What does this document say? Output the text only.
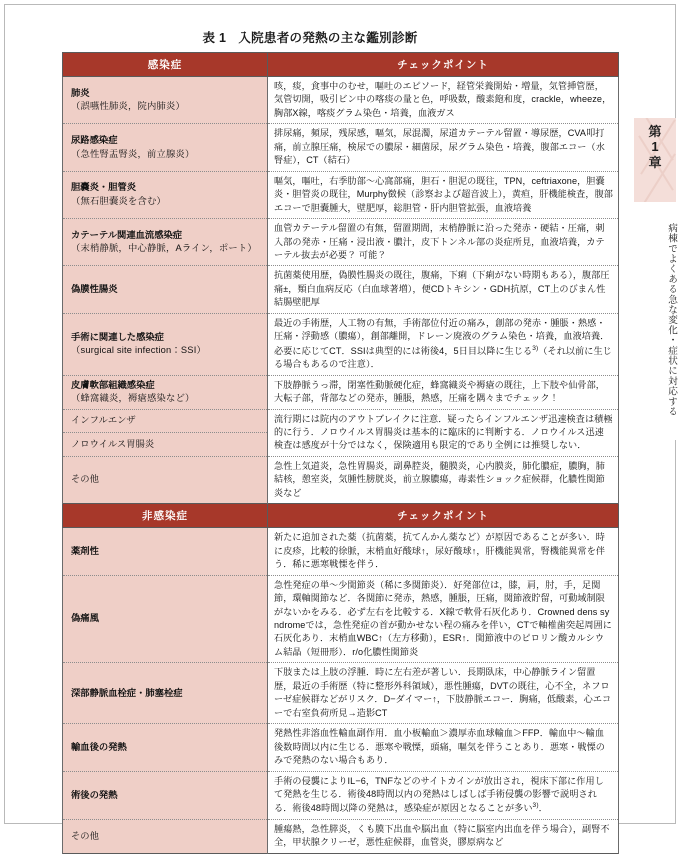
表 1 入院患者の発熱の主な鑑別診断
感染症	チェックポイント

肺炎
（誤嚥性肺炎，院内肺炎）	咳，痰，食事中のむせ，嘔吐のエピソード，経管栄養開始・増量，気管挿管歴，気管切開，吸引ビン中の喀痰の量と色，呼吸数，酸素飽和度，crackle，wheeze，胸部X線，喀痰グラム染色・培養，血液ガス

尿路感染症
（急性腎盂腎炎，前立腺炎）	排尿痛，頻尿，残尿感，嘔気，尿混濁，尿道カテーテル留置・導尿歴，CVA叩打痛，前立腺圧痛，検尿での膿尿・細菌尿，尿グラム染色・培養，腹部エコー（水腎症），CT（結石）

胆嚢炎・胆管炎
（無石胆嚢炎を含む）	嘔気，嘔吐，右季肋部〜心窩部痛，胆石・胆泥の既往，TPN，ceftriaxone，胆嚢炎・胆管炎の既往，Murphy徴候（診察および超音波上），黄疸，肝機能検査，腹部エコーで胆嚢腫大，壁肥厚，総胆管・肝内胆管拡張，血液培養

カテーテル関連血流感染症
（末梢静脈，中心静脈，Aライン，ポート）	血管カテーテル留置の有無，留置期間，末梢静脈に沿った発赤・硬結・圧痛，刺入部の発赤・圧痛・浸出液・膿汁，皮下トンネル部の炎症所見，血液培養，カテーテル抜去が必要？ 可能？

偽膜性腸炎	抗菌薬使用歴，偽膜性腸炎の既往，腹痛，下痢（下痢がない時期もある），腹部圧痛±，類白血病反応（白血球著増），便CDトキシン・GDH抗原，CT上のびまん性結腸壁肥厚

手術に関連した感染症
（surgical site infection：SSI）	最近の手術歴，人工物の有無，手術部位付近の痛み，創部の発赤・腫脹・熱感・圧痛・浮動感（膿瘍），創部離開，ドレーン廃液のグラム染色・培養，血液培養．必要に応じてCT．SSIは典型的には術後4，5日目以降に生じる$^{3)}$（それ以前に生じる場合もあるので注意）．

皮膚軟部組織感染症
（蜂窩織炎，褥瘡感染など）	下肢静脈うっ滞，閉塞性動脈硬化症，蜂窩織炎や褥瘡の既往，上下肢や仙骨部，大転子部，背部などの発赤，腫脹，熱感，圧痛を隅々までチェック！

インフルエンザ	流行期には院内のアウトブレイクに注意．疑ったらインフルエンザ迅速検査は積極的に行う．ノロウイルス胃腸炎は基本的に臨床的に判断する．ノロウイルス迅速検査は感度が十分ではなく，保険適用も限定的であり全例には推奨しない．

ノロウイルス胃腸炎	

その他	急性上気道炎，急性胃腸炎，副鼻腔炎，髄膜炎，心内膜炎，肺化膿症，膿胸，肺結核，憩室炎，気腫性膀胱炎，前立腺膿瘍，毒素性ショック症候群，化膿性関節炎など
非感染症	チェックポイント

薬剤性	新たに追加された薬（抗菌薬，抗てんかん薬など）が原因であることが多い．時に皮疹，比較的徐脈，末梢血好酸球↑，尿好酸球↑，肝機能異常，腎機能異常を伴う．稀に悪寒戦慄を伴う．

偽痛風	急性発症の単〜少関節炎（稀に多関節炎）．好発部位は，膝，肩，肘，手，足関節，環軸関節など．各関節に発赤，熱感，腫脹，圧痛，関節液貯留，可動域制限がないかをみる．必ず左右を比較する．X線で軟骨石灰化あり．Crowned dens syndromeでは，急性発症の首が動かせない程の痛みを伴い，CTで軸椎歯突起周囲に石灰化あり．末梢血WBC↑（左方移動），ESR↑．関節液中のピロリン酸カルシウム結晶（短冊形）．r/o化膿性関節炎

深部静脈血栓症・肺塞栓症	下肢または上肢の浮腫．時に左右差が著しい．長期臥床，中心静脈ライン留置歴，最近の手術歴（特に整形外科領域），悪性腫瘍，DVTの既往，心不全，ネフローゼ症候群などがリスク．D−ダイマー↑，下肢静脈エコー．胸痛，低酸素，心エコーで右室負荷所見→造影CT

輸血後の発熱	発熱性非溶血性輸血副作用．血小板輸血＞濃厚赤血球輸血＞FFP．輸血中〜輸血後数時間以内に生じる．悪寒や戦慄，頭痛，嘔気を伴うことあり．悪寒・戦慄のみで発熱のない場合もあり．

術後の発熱	手術の侵襲によりIL−6，TNFなどのサイトカインが放出され，視床下部に作用して発熱を生じる．術後48時間以内の発熱はしばしば手術侵襲の影響で説明される．術後48時間以降の発熱は，感染症が原因となることが多い$^{3)}$．

その他	腫瘍熱，急性膵炎，くも膜下出血や脳出血（特に脳室内出血を伴う場合），副腎不全，甲状腺クリーゼ，悪性症候群，血管炎，膠原病など
第
1
章
病棟でよくある急な変化・症状に対応する
